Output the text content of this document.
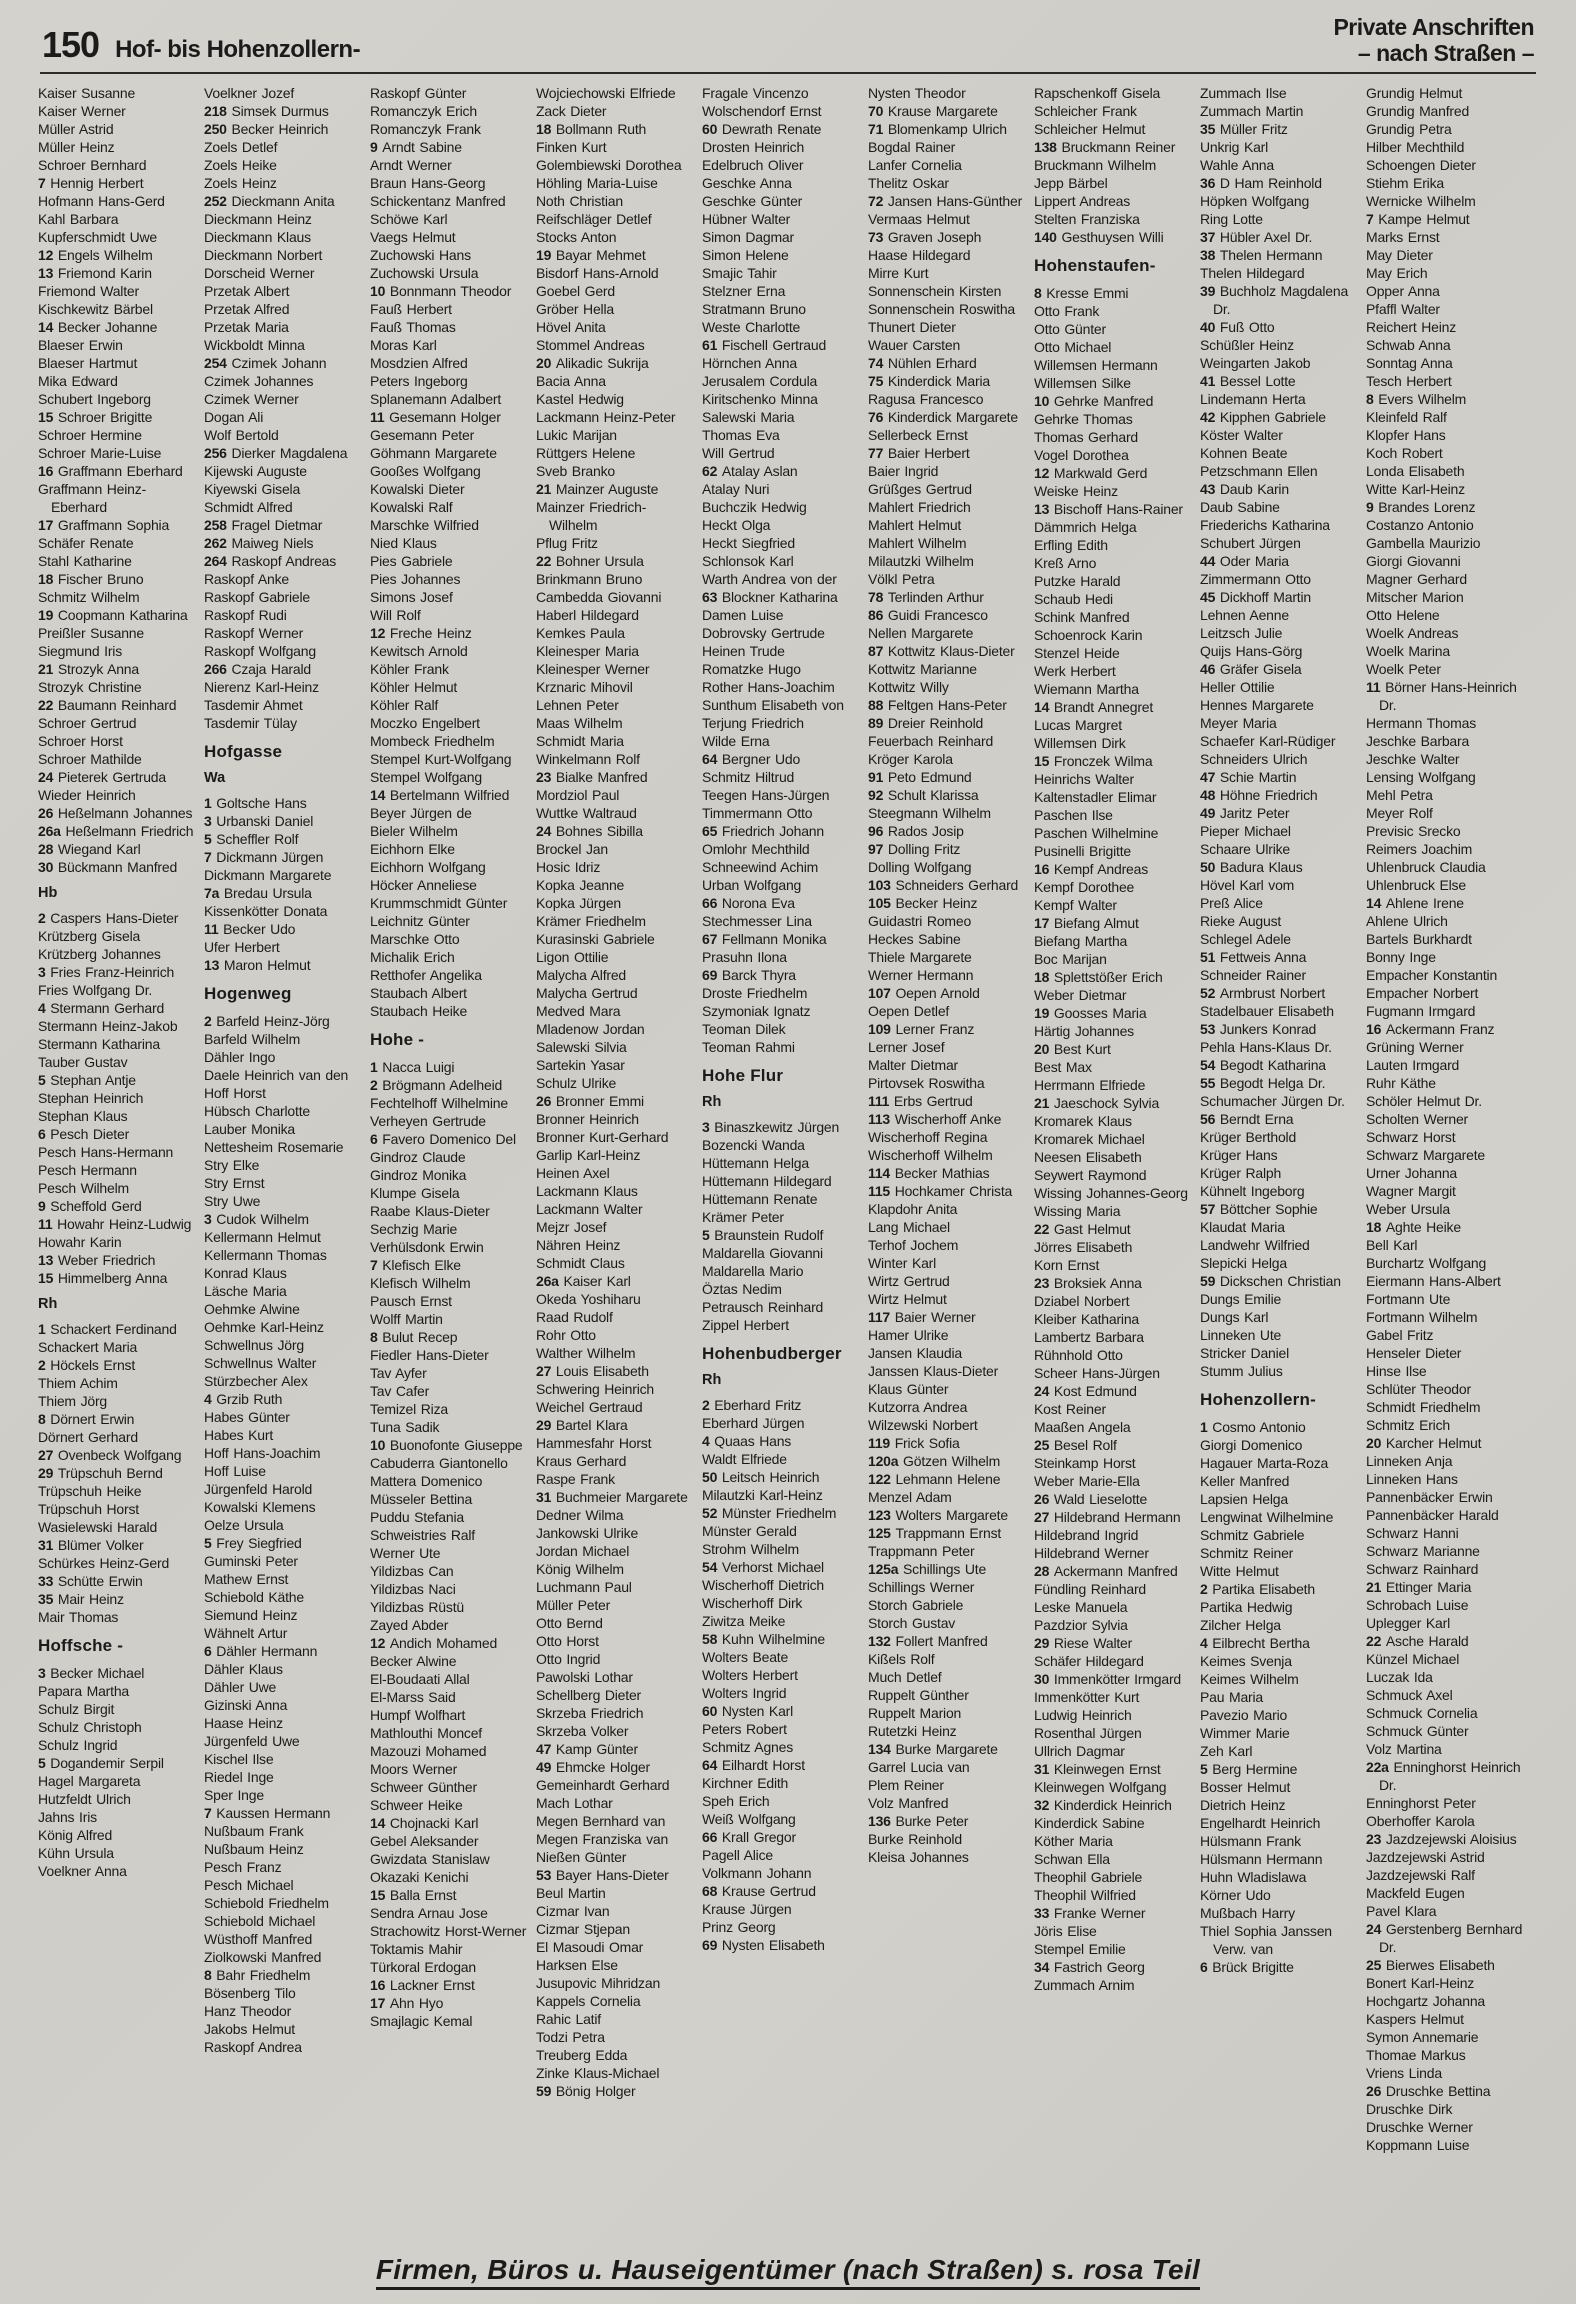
150 Hof- bis Hohenzollern-
Private Anschriften
– nach Straßen –
Kaiser Susanne
Kaiser Werner
Müller Astrid
Müller Heinz
Schroer Bernhard
7 Hennig Herbert
Hofmann Hans-Gerd
Kahl Barbara
Kupferschmidt Uwe
12 Engels Wilhelm
13 Friemond Karin
Friemond Walter
Kischkewitz Bärbel
14 Becker Johanne
Blaeser Erwin
Blaeser Hartmut
Mika Edward
Schubert Ingeborg
15 Schroer Brigitte
Schroer Hermine
Schroer Marie-Luise
16 Graffmann Eberhard
Graffmann Heinz-Eberhard
17 Graffmann Sophia
Schäfer Renate
Stahl Katharine
18 Fischer Bruno
Schmitz Wilhelm
19 Coopmann Katharina
Preißler Susanne
Siegmund Iris
21 Strozyk Anna
Strozyk Christine
22 Baumann Reinhard
Schroer Gertrud
Schroer Horst
Schroer Mathilde
24 Pieterek Gertruda
Wieder Heinrich
26 Heßelmann Johannes
26a Heßelmann Friedrich
28 Wiegand Karl
30 Bückmann Manfred
Hb
2 Caspers Hans-Dieter
Krützberg Gisela
Krützberg Johannes
3 Fries Franz-Heinrich
Fries Wolfgang Dr.
4 Stermann Gerhard
Stermann Heinz-Jakob
Stermann Katharina
Tauber Gustav
5 Stephan Antje
Stephan Heinrich
Stephan Klaus
6 Pesch Dieter
Pesch Hans-Hermann
Pesch Hermann
Pesch Wilhelm
9 Scheffold Gerd
11 Howahr Heinz-Ludwig
Howahr Karin
13 Weber Friedrich
15 Himmelberg Anna
Rh
1 Schackert Ferdinand
Schackert Maria
2 Höckels Ernst
Thiem Achim
Thiem Jörg
8 Dörnert Erwin
Dörnert Gerhard
27 Ovenbeck Wolfgang
29 Trüpschuh Bernd
Trüpschuh Heike
Trüpschuh Horst
Wasielewski Harald
31 Blümer Volker
Schürkes Heinz-Gerd
33 Schütte Erwin
35 Mair Heinz
Mair Thomas
Hoffsche -
3 Becker Michael
Papara Martha
Schulz Birgit
Schulz Christoph
Schulz Ingrid
5 Dogandemir Serpil
Hagel Margareta
Hutzfeldt Ulrich
Jahns Iris
König Alfred
Kühn Ursula
Voelkner Anna
Voelkner Jozef
218 Simsek Durmus
250 Becker Heinrich
Zoels Detlef
Zoels Heike
Zoels Heinz
252 Dieckmann Anita
Dieckmann Heinz
Dieckmann Klaus
Dieckmann Norbert
Dorscheid Werner
Przetak Albert
Przetak Alfred
Przetak Maria
Wickboldt Minna
254 Czimek Johann
Czimek Johannes
Czimek Werner
Dogan Ali
Wolf Bertold
256 Dierker Magdalena
Kijewski Auguste
Kiyewski Gisela
Schmidt Alfred
258 Fragel Dietmar
262 Maiweg Niels
264 Raskopf Andreas
Raskopf Anke
Raskopf Gabriele
Raskopf Rudi
Raskopf Werner
Raskopf Wolfgang
266 Czaja Harald
Nierenz Karl-Heinz
Tasdemir Ahmet
Tasdemir Tülay
Hofgasse
Wa
1 Goltsche Hans
3 Urbanski Daniel
5 Scheffler Rolf
7 Dickmann Jürgen
Dickmann Margarete
7a Bredau Ursula
Kissenkötter Donata
11 Becker Udo
Ufer Herbert
13 Maron Helmut
Hogenweg
2 Barfeld Heinz-Jörg
Barfeld Wilhelm
Dähler Ingo
Daele Heinrich van den
Hoff Horst
Hübsch Charlotte
Lauber Monika
Nettesheim Rosemarie
Stry Elke
Stry Ernst
Stry Uwe
3 Cudok Wilhelm
Kellermann Helmut
Kellermann Thomas
Konrad Klaus
Läsche Maria
Oehmke Alwine
Oehmke Karl-Heinz
Schwellnus Jörg
Schwellnus Walter
Stürzbecher Alex
4 Grzib Ruth
Habes Günter
Habes Kurt
Hoff Hans-Joachim
Hoff Luise
Jürgenfeld Harold
Kowalski Klemens
Oelze Ursula
5 Frey Siegfried
Guminski Peter
Mathew Ernst
Schiebold Käthe
Siemund Heinz
Wähnelt Artur
6 Dähler Hermann
Dähler Klaus
Dähler Uwe
Gizinski Anna
Haase Heinz
Jürgenfeld Uwe
Kischel Ilse
Riedel Inge
Sper Inge
7 Kaussen Hermann
Nußbaum Frank
Nußbaum Heinz
Pesch Franz
Pesch Michael
Schiebold Friedhelm
Schiebold Michael
Wüsthoff Manfred
Ziolkowski Manfred
8 Bahr Friedhelm
Bösenberg Tilo
Hanz Theodor
Jakobs Helmut
Raskopf Andrea
Raskopf Günter
Romanczyk Erich
Romanczyk Frank
9 Arndt Sabine
Arndt Werner
Braun Hans-Georg
Schickentanz Manfred
Schöwe Karl
Vaegs Helmut
Zuchowski Hans
Zuchowski Ursula
10 Bonnmann Theodor
Fauß Herbert
Fauß Thomas
Moras Karl
Mosdzien Alfred
Peters Ingeborg
Splanemann Adalbert
11 Gesemann Holger
Gesemann Peter
Göhmann Margarete
Gooßes Wolfgang
Kowalski Dieter
Kowalski Ralf
Marschke Wilfried
Nied Klaus
Pies Gabriele
Pies Johannes
Simons Josef
Will Rolf
12 Freche Heinz
Kewitsch Arnold
Köhler Frank
Köhler Helmut
Köhler Ralf
Moczko Engelbert
Mombeck Friedhelm
Stempel Kurt-Wolfgang
Stempel Wolfgang
14 Bertelmann Wilfried
Beyer Jürgen de
Bieler Wilhelm
Eichhorn Elke
Eichhorn Wolfgang
Höcker Anneliese
Krummschmidt Günter
Leichnitz Günter
Marschke Otto
Michalik Erich
Retthofer Angelika
Staubach Albert
Staubach Heike
Hohe -
1 Nacca Luigi
2 Brögmann Adelheid
Fechtelhoff Wilhelmine
Verheyen Gertrude
6 Favero Domenico Del
Gindroz Claude
Gindroz Monika
Klumpe Gisela
Raabe Klaus-Dieter
Sechzig Marie
Verhülsdonk Erwin
7 Klefisch Elke
Klefisch Wilhelm
Pausch Ernst
Wolff Martin
8 Bulut Recep
Fiedler Hans-Dieter
Tav Ayfer
Tav Cafer
Temizel Riza
Tuna Sadik
10 Buonofonte Giuseppe
Cabuderra Giantonello
Mattera Domenico
Müsseler Bettina
Puddu Stefania
Schweistries Ralf
Werner Ute
Yildizbas Can
Yildizbas Naci
Yildizbas Rüstü
Zayed Abder
12 Andich Mohamed
Becker Alwine
El-Boudaati Allal
El-Marss Said
Humpf Wolfhart
Mathlouthi Moncef
Mazouzi Mohamed
Moors Werner
Schweer Günther
Schweer Heike
14 Chojnacki Karl
Gebel Aleksander
Gwizdata Stanislaw
Okazaki Kenichi
15 Balla Ernst
Sendra Arnau Jose
Strachowitz Horst-Werner
Toktamis Mahir
Türkoral Erdogan
16 Lackner Ernst
17 Ahn Hyo
Smajlagic Kemal
Wojciechowski Elfriede
Zack Dieter
18 Bollmann Ruth
Finken Kurt
Golembiewski Dorothea
Höhling Maria-Luise
Noth Christian
Reifschläger Detlef
Stocks Anton
19 Bayar Mehmet
Bisdorf Hans-Arnold
Goebel Gerd
Gröber Hella
Hövel Anita
Stommel Andreas
20 Alikadic Sukrija
Bacia Anna
Kastel Hedwig
Lackmann Heinz-Peter
Lukic Marijan
Rüttgers Helene
Sveb Branko
21 Mainzer Auguste
Mainzer Friedrich-Wilhelm
Pflug Fritz
22 Bohner Ursula
Brinkmann Bruno
Cambedda Giovanni
Haberl Hildegard
Kemkes Paula
Kleinesper Maria
Kleinesper Werner
Krznaric Mihovil
Lehnen Peter
Maas Wilhelm
Schmidt Maria
Winkelmann Rolf
23 Bialke Manfred
Mordziol Paul
Wuttke Waltraud
24 Bohnes Sibilla
Brockel Jan
Hosic Idriz
Kopka Jeanne
Kopka Jürgen
Krämer Friedhelm
Kurasinski Gabriele
Ligon Ottilie
Malycha Alfred
Malycha Gertrud
Medved Mara
Mladenow Jordan
Salewski Silvia
Sartekin Yasar
Schulz Ulrike
26 Bronner Emmi
Bronner Heinrich
Bronner Kurt-Gerhard
Garlip Karl-Heinz
Heinen Axel
Lackmann Klaus
Lackmann Walter
Mejzr Josef
Nähren Heinz
Schmidt Claus
26a Kaiser Karl
Okeda Yoshiharu
Raad Rudolf
Rohr Otto
Walther Wilhelm
27 Louis Elisabeth
Schwering Heinrich
Weichel Gertraud
29 Bartel Klara
Hammesfahr Horst
Kraus Gerhard
Raspe Frank
31 Buchmeier Margarete
Dedner Wilma
Jankowski Ulrike
Jordan Michael
König Wilhelm
Luchmann Paul
Müller Peter
Otto Bernd
Otto Horst
Otto Ingrid
Pawolski Lothar
Schellberg Dieter
Skrzeba Friedrich
Skrzeba Volker
47 Kamp Günter
49 Ehmcke Holger
Gemeinhardt Gerhard
Mach Lothar
Megen Bernhard van
Megen Franziska van
Nießen Günter
53 Bayer Hans-Dieter
Beul Martin
Cizmar Ivan
Cizmar Stjepan
El Masoudi Omar
Harksen Else
Jusupovic Mihridzan
Kappels Cornelia
Rahic Latif
Todzi Petra
Treuberg Edda
Zinke Klaus-Michael
59 Bönig Holger
Fragale Vincenzo
Wolschendorf Ernst
60 Dewrath Renate
Drosten Heinrich
Edelbruch Oliver
Geschke Anna
Geschke Günter
Hübner Walter
Simon Dagmar
Simon Helene
Smajic Tahir
Stelzner Erna
Stratmann Bruno
Weste Charlotte
61 Fischell Gertraud
Hörnchen Anna
Jerusalem Cordula
Kiritschenko Minna
Salewski Maria
Thomas Eva
Will Gertrud
62 Atalay Aslan
Atalay Nuri
Buchczik Hedwig
Heckt Olga
Heckt Siegfried
Schlonsok Karl
Warth Andrea von der
63 Blockner Katharina
Damen Luise
Dobrovsky Gertrude
Heinen Trude
Romatzke Hugo
Rother Hans-Joachim
Sunthum Elisabeth von
Terjung Friedrich
Wilde Erna
64 Bergner Udo
Schmitz Hiltrud
Teegen Hans-Jürgen
Timmermann Otto
65 Friedrich Johann
Omlohr Mechthild
Schneewind Achim
Urban Wolfgang
66 Norona Eva
Stechmesser Lina
67 Fellmann Monika
Prasuhn Ilona
69 Barck Thyra
Droste Friedhelm
Szymoniak Ignatz
Teoman Dilek
Teoman Rahmi
Hohe Flur
Rh
3 Binaszkewitz Jürgen
Bozencki Wanda
Hüttemann Helga
Hüttemann Hildegard
Hüttemann Renate
Krämer Peter
5 Braunstein Rudolf
Maldarella Giovanni
Maldarella Mario
Öztas Nedim
Petrausch Reinhard
Zippel Herbert
Hohenbudberger
Rh
2 Eberhard Fritz
Eberhard Jürgen
4 Quaas Hans
Waldt Elfriede
50 Leitsch Heinrich
Milautzki Karl-Heinz
52 Münster Friedhelm
Münster Gerald
Strohm Wilhelm
54 Verhorst Michael
Wischerhoff Dietrich
Wischerhoff Dirk
Ziwitza Meike
58 Kuhn Wilhelmine
Wolters Beate
Wolters Herbert
Wolters Ingrid
60 Nysten Karl
Peters Robert
Schmitz Agnes
64 Eilhardt Horst
Kirchner Edith
Speh Erich
Weiß Wolfgang
66 Krall Gregor
Pagell Alice
Volkmann Johann
68 Krause Gertrud
Krause Jürgen
Prinz Georg
69 Nysten Elisabeth
Nysten Theodor
70 Krause Margarete
71 Blomenkamp Ulrich
Bogdal Rainer
Lanfer Cornelia
Thelitz Oskar
72 Jansen Hans-Günther
Vermaas Helmut
73 Graven Joseph
Haase Hildegard
Mirre Kurt
Sonnenschein Kirsten
Sonnenschein Roswitha
Thunert Dieter
Wauer Carsten
74 Nühlen Erhard
75 Kinderdick Maria
Ragusa Francesco
76 Kinderdick Margarete
Sellerbeck Ernst
77 Baier Herbert
Baier Ingrid
Grüßges Gertrud
Mahlert Friedrich
Mahlert Helmut
Mahlert Wilhelm
Milautzki Wilhelm
Völkl Petra
78 Terlinden Arthur
86 Guidi Francesco
Nellen Margarete
87 Kottwitz Klaus-Dieter
Kottwitz Marianne
Kottwitz Willy
88 Feltgen Hans-Peter
89 Dreier Reinhold
Feuerbach Reinhard
Kröger Karola
91 Peto Edmund
92 Schult Klarissa
Steegmann Wilhelm
96 Rados Josip
97 Dolling Fritz
Dolling Wolfgang
103 Schneiders Gerhard
105 Becker Heinz
Guidastri Romeo
Heckes Sabine
Thiele Margarete
Werner Hermann
107 Oepen Arnold
Oepen Detlef
109 Lerner Franz
Lerner Josef
Malter Dietmar
Pirtovsek Roswitha
111 Erbs Gertrud
113 Wischerhoff Anke
Wischerhoff Regina
Wischerhoff Wilhelm
114 Becker Mathias
115 Hochkamer Christa
Klapdohr Anita
Lang Michael
Terhof Jochem
Winter Karl
Wirtz Gertrud
Wirtz Helmut
117 Baier Werner
Hamer Ulrike
Jansen Klaudia
Janssen Klaus-Dieter
Klaus Günter
Kutzorra Andrea
Wilzewski Norbert
119 Frick Sofia
120a Götzen Wilhelm
122 Lehmann Helene
Menzel Adam
123 Wolters Margarete
125 Trappmann Ernst
Trappmann Peter
125a Schillings Ute
Schillings Werner
Storch Gabriele
Storch Gustav
132 Follert Manfred
Kißels Rolf
Much Detlef
Ruppelt Günther
Ruppelt Marion
Rutetzki Heinz
134 Burke Margarete
Garrel Lucia van
Plem Reiner
Volz Manfred
136 Burke Peter
Burke Reinhold
Kleisa Johannes
Rapschenkoff Gisela
Schleicher Frank
Schleicher Helmut
138 Bruckmann Reiner
Bruckmann Wilhelm
Jepp Bärbel
Lippert Andreas
Stelten Franziska
140 Gesthuysen Willi
Hohenstaufen-
8 Kresse Emmi
Otto Frank
Otto Günter
Otto Michael
Willemsen Hermann
Willemsen Silke
10 Gehrke Manfred
Gehrke Thomas
Thomas Gerhard
Vogel Dorothea
12 Markwald Gerd
Weiske Heinz
13 Bischoff Hans-Rainer
Dämmrich Helga
Erfling Edith
Kreß Arno
Putzke Harald
Schaub Hedi
Schink Manfred
Schoenrock Karin
Stenzel Heide
Werk Herbert
Wiemann Martha
14 Brandt Annegret
Lucas Margret
Willemsen Dirk
15 Fronczek Wilma
Heinrichs Walter
Kaltenstadler Elimar
Paschen Ilse
Paschen Wilhelmine
Pusinelli Brigitte
16 Kempf Andreas
Kempf Dorothee
Kempf Walter
17 Biefang Almut
Biefang Martha
Boc Marijan
18 Splettstößer Erich
Weber Dietmar
19 Goosses Maria
Härtig Johannes
20 Best Kurt
Best Max
Herrmann Elfriede
21 Jaeschock Sylvia
Kromarek Klaus
Kromarek Michael
Neesen Elisabeth
Seywert Raymond
Wissing Johannes-Georg
Wissing Maria
22 Gast Helmut
Jörres Elisabeth
Korn Ernst
23 Broksiek Anna
Dziabel Norbert
Kleiber Katharina
Lambertz Barbara
Rühnhold Otto
Scheer Hans-Jürgen
24 Kost Edmund
Kost Reiner
Maaßen Angela
25 Besel Rolf
Steinkamp Horst
Weber Marie-Ella
26 Wald Lieselotte
27 Hildebrand Hermann
Hildebrand Ingrid
Hildebrand Werner
28 Ackermann Manfred
Fündling Reinhard
Leske Manuela
Pazdzior Sylvia
29 Riese Walter
Schäfer Hildegard
30 Immenkötter Irmgard
Immenkötter Kurt
Ludwig Heinrich
Rosenthal Jürgen
Ullrich Dagmar
31 Kleinwegen Ernst
Kleinwegen Wolfgang
32 Kinderdick Heinrich
Kinderdick Sabine
Köther Maria
Schwan Ella
Theophil Gabriele
Theophil Wilfried
33 Franke Werner
Jöris Elise
Stempel Emilie
34 Fastrich Georg
Zummach Arnim
Zummach Ilse
Zummach Martin
35 Müller Fritz
Unkrig Karl
Wahle Anna
36 D Ham Reinhold
Höpken Wolfgang
Ring Lotte
37 Hübler Axel Dr.
38 Thelen Hermann
Thelen Hildegard
39 Buchholz Magdalena Dr.
40 Fuß Otto
Schüßler Heinz
Weingarten Jakob
41 Bessel Lotte
Lindemann Herta
42 Kipphen Gabriele
Köster Walter
Kohnen Beate
Petzschmann Ellen
43 Daub Karin
Daub Sabine
Friederichs Katharina
Schubert Jürgen
44 Oder Maria
Zimmermann Otto
45 Dickhoff Martin
Lehnen Aenne
Leitzsch Julie
Quijs Hans-Görg
46 Gräfer Gisela
Heller Ottilie
Hennes Margarete
Meyer Maria
Schaefer Karl-Rüdiger
Schneiders Ulrich
47 Schie Martin
48 Höhne Friedrich
49 Jaritz Peter
Pieper Michael
Schaare Ulrike
50 Badura Klaus
Hövel Karl vom
Preß Alice
Rieke August
Schlegel Adele
51 Fettweis Anna
Schneider Rainer
52 Armbrust Norbert
Stadelbauer Elisabeth
53 Junkers Konrad
Pehla Hans-Klaus Dr.
54 Begodt Katharina
55 Begodt Helga Dr.
Schumacher Jürgen Dr.
56 Berndt Erna
Krüger Berthold
Krüger Hans
Krüger Ralph
Kühnelt Ingeborg
57 Böttcher Sophie
Klaudat Maria
Landwehr Wilfried
Slepicki Helga
59 Dickschen Christian
Dungs Emilie
Dungs Karl
Linneken Ute
Stricker Daniel
Stumm Julius
Hohenzollern-
1 Cosmo Antonio
Giorgi Domenico
Hagauer Marta-Roza
Keller Manfred
Lapsien Helga
Lengwinat Wilhelmine
Schmitz Gabriele
Schmitz Reiner
Witte Helmut
2 Partika Elisabeth
Partika Hedwig
Zilcher Helga
4 Eilbrecht Bertha
Keimes Svenja
Keimes Wilhelm
Pau Maria
Pavezio Mario
Wimmer Marie
Zeh Karl
5 Berg Hermine
Bosser Helmut
Dietrich Heinz
Engelhardt Heinrich
Hülsmann Frank
Hülsmann Hermann
Huhn Wladislawa
Körner Udo
Mußbach Harry
Thiel Sophia Janssen Verw. van
6 Brück Brigitte
Grundig Helmut
Grundig Manfred
Grundig Petra
Hilber Mechthild
Schoengen Dieter
Stiehm Erika
Wernicke Wilhelm
7 Kampe Helmut
Marks Ernst
May Dieter
May Erich
Opper Anna
Pfaffl Walter
Reichert Heinz
Schwab Anna
Sonntag Anna
Tesch Herbert
8 Evers Wilhelm
Kleinfeld Ralf
Klopfer Hans
Koch Robert
Londa Elisabeth
Witte Karl-Heinz
9 Brandes Lorenz
Costanzo Antonio
Gambella Maurizio
Giorgi Giovanni
Magner Gerhard
Mitscher Marion
Otto Helene
Woelk Andreas
Woelk Marina
Woelk Peter
11 Börner Hans-Heinrich Dr.
Hermann Thomas
Jeschke Barbara
Jeschke Walter
Lensing Wolfgang
Mehl Petra
Meyer Rolf
Previsic Srecko
Reimers Joachim
Uhlenbruck Claudia
Uhlenbruck Else
14 Ahlene Irene
Ahlene Ulrich
Bartels Burkhardt
Bonny Inge
Empacher Konstantin
Empacher Norbert
Fugmann Irmgard
16 Ackermann Franz
Grüning Werner
Lauten Irmgard
Ruhr Käthe
Schöler Helmut Dr.
Scholten Werner
Schwarz Horst
Schwarz Margarete
Urner Johanna
Wagner Margit
Weber Ursula
18 Aghte Heike
Bell Karl
Burchartz Wolfgang
Eiermann Hans-Albert
Fortmann Ute
Fortmann Wilhelm
Gabel Fritz
Henseler Dieter
Hinse Ilse
Schlüter Theodor
Schmidt Friedhelm
Schmitz Erich
20 Karcher Helmut
Linneken Anja
Linneken Hans
Pannenbäcker Erwin
Pannenbäcker Harald
Schwarz Hanni
Schwarz Marianne
Schwarz Rainhard
21 Ettinger Maria
Schrobach Luise
Uplegger Karl
22 Asche Harald
Künzel Michael
Luczak Ida
Schmuck Axel
Schmuck Cornelia
Schmuck Günter
Volz Martina
22a Enninghorst Heinrich Dr.
Enninghorst Peter
Oberhoffer Karola
23 Jazdzejewski Aloisius
Jazdzejewski Astrid
Jazdzejewski Ralf
Mackfeld Eugen
Pavel Klara
24 Gerstenberg Bernhard Dr.
25 Bierwes Elisabeth
Bonert Karl-Heinz
Hochgartz Johanna
Kaspers Helmut
Symon Annemarie
Thomae Markus
Vriens Linda
26 Druschke Bettina
Druschke Dirk
Druschke Werner
Koppmann Luise
Firmen, Büros u. Hauseigentümer (nach Straßen) s. rosa Teil
